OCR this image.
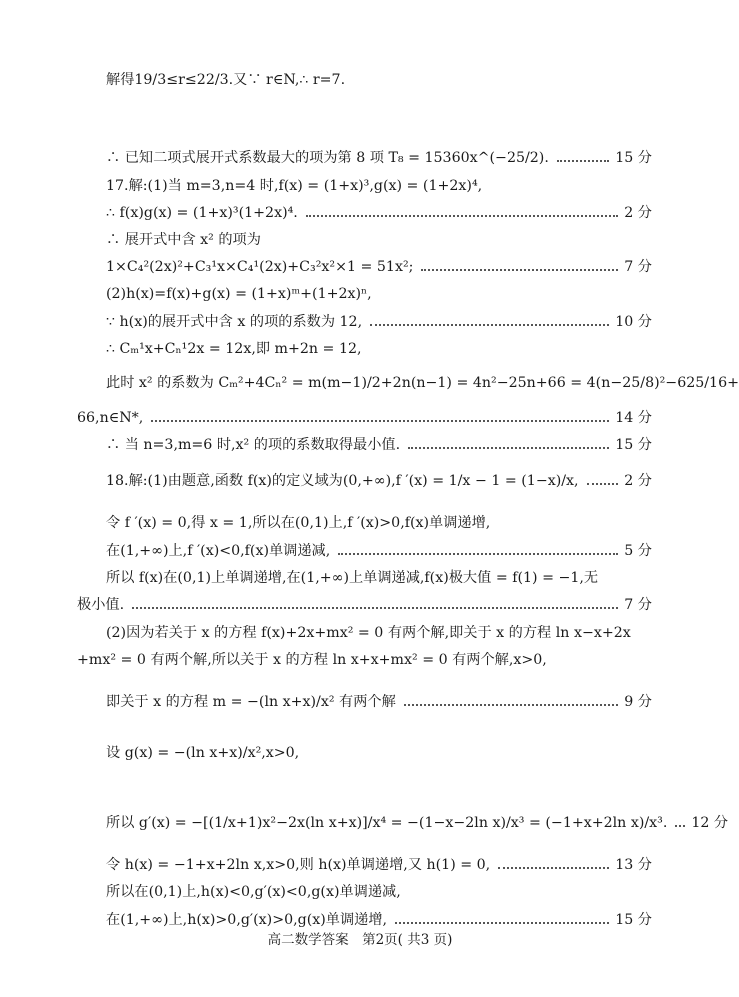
解得19/3≤r≤22/3.又∵ r∈N,∴ r=7.
∴ 已知二项式展开式系数最大的项为第 8 项 T₈ = 15360x^(−25/2).	15 分
17.解:(1)当 m=3,n=4 时,f(x) = (1+x)³,g(x) = (1+2x)⁴,
∴ f(x)g(x) = (1+x)³(1+2x)⁴.	2 分
∴ 展开式中含 x² 的项为
1×C₄²(2x)²+C₃¹x×C₄¹(2x)+C₃²x²×1 = 51x²;	7 分
(2)h(x)=f(x)+g(x) = (1+x)ᵐ+(1+2x)ⁿ,
∵ h(x)的展开式中含 x 的项的系数为 12,	10 分
∴ Cₘ¹x+Cₙ¹2x = 12x,即 m+2n = 12,
此时 x² 的系数为 Cₘ²+4Cₙ² = m(m−1)/2+2n(n−1) = 4n²−25n+66 = 4(n−25/8)²−625/16+
66,n∈N*,	14 分
∴ 当 n=3,m=6 时,x² 的项的系数取得最小值.	15 分
18.解:(1)由题意,函数 f(x)的定义域为(0,+∞),f ′(x) = 1/x − 1 = (1−x)/x,	2 分
令 f ′(x) = 0,得 x = 1,所以在(0,1)上,f ′(x)>0,f(x)单调递增,
在(1,+∞)上,f ′(x)<0,f(x)单调递减,	5 分
所以 f(x)在(0,1)上单调递增,在(1,+∞)上单调递减,f(x)极大值 = f(1) = −1,无
极小值.	7 分
(2)因为若关于 x 的方程 f(x)+2x+mx² = 0 有两个解,即关于 x 的方程 ln x−x+2x
+mx² = 0 有两个解,所以关于 x 的方程 ln x+x+mx² = 0 有两个解,x>0,
即关于 x 的方程 m = −(ln x+x)/x² 有两个解	9 分
设 g(x) = −(ln x+x)/x²,x>0,
所以 g′(x) = −[(1/x+1)x²−2x(ln x+x)]/x⁴ = −(1−x−2ln x)/x³ = (−1+x+2ln x)/x³. 12 分
令 h(x) = −1+x+2ln x,x>0,则 h(x)单调递增,又 h(1) = 0,	13 分
所以在(0,1)上,h(x)<0,g′(x)<0,g(x)单调递减,
在(1,+∞)上,h(x)>0,g′(x)>0,g(x)单调递增,	15 分
高二数学答案　第2页( 共3 页)
